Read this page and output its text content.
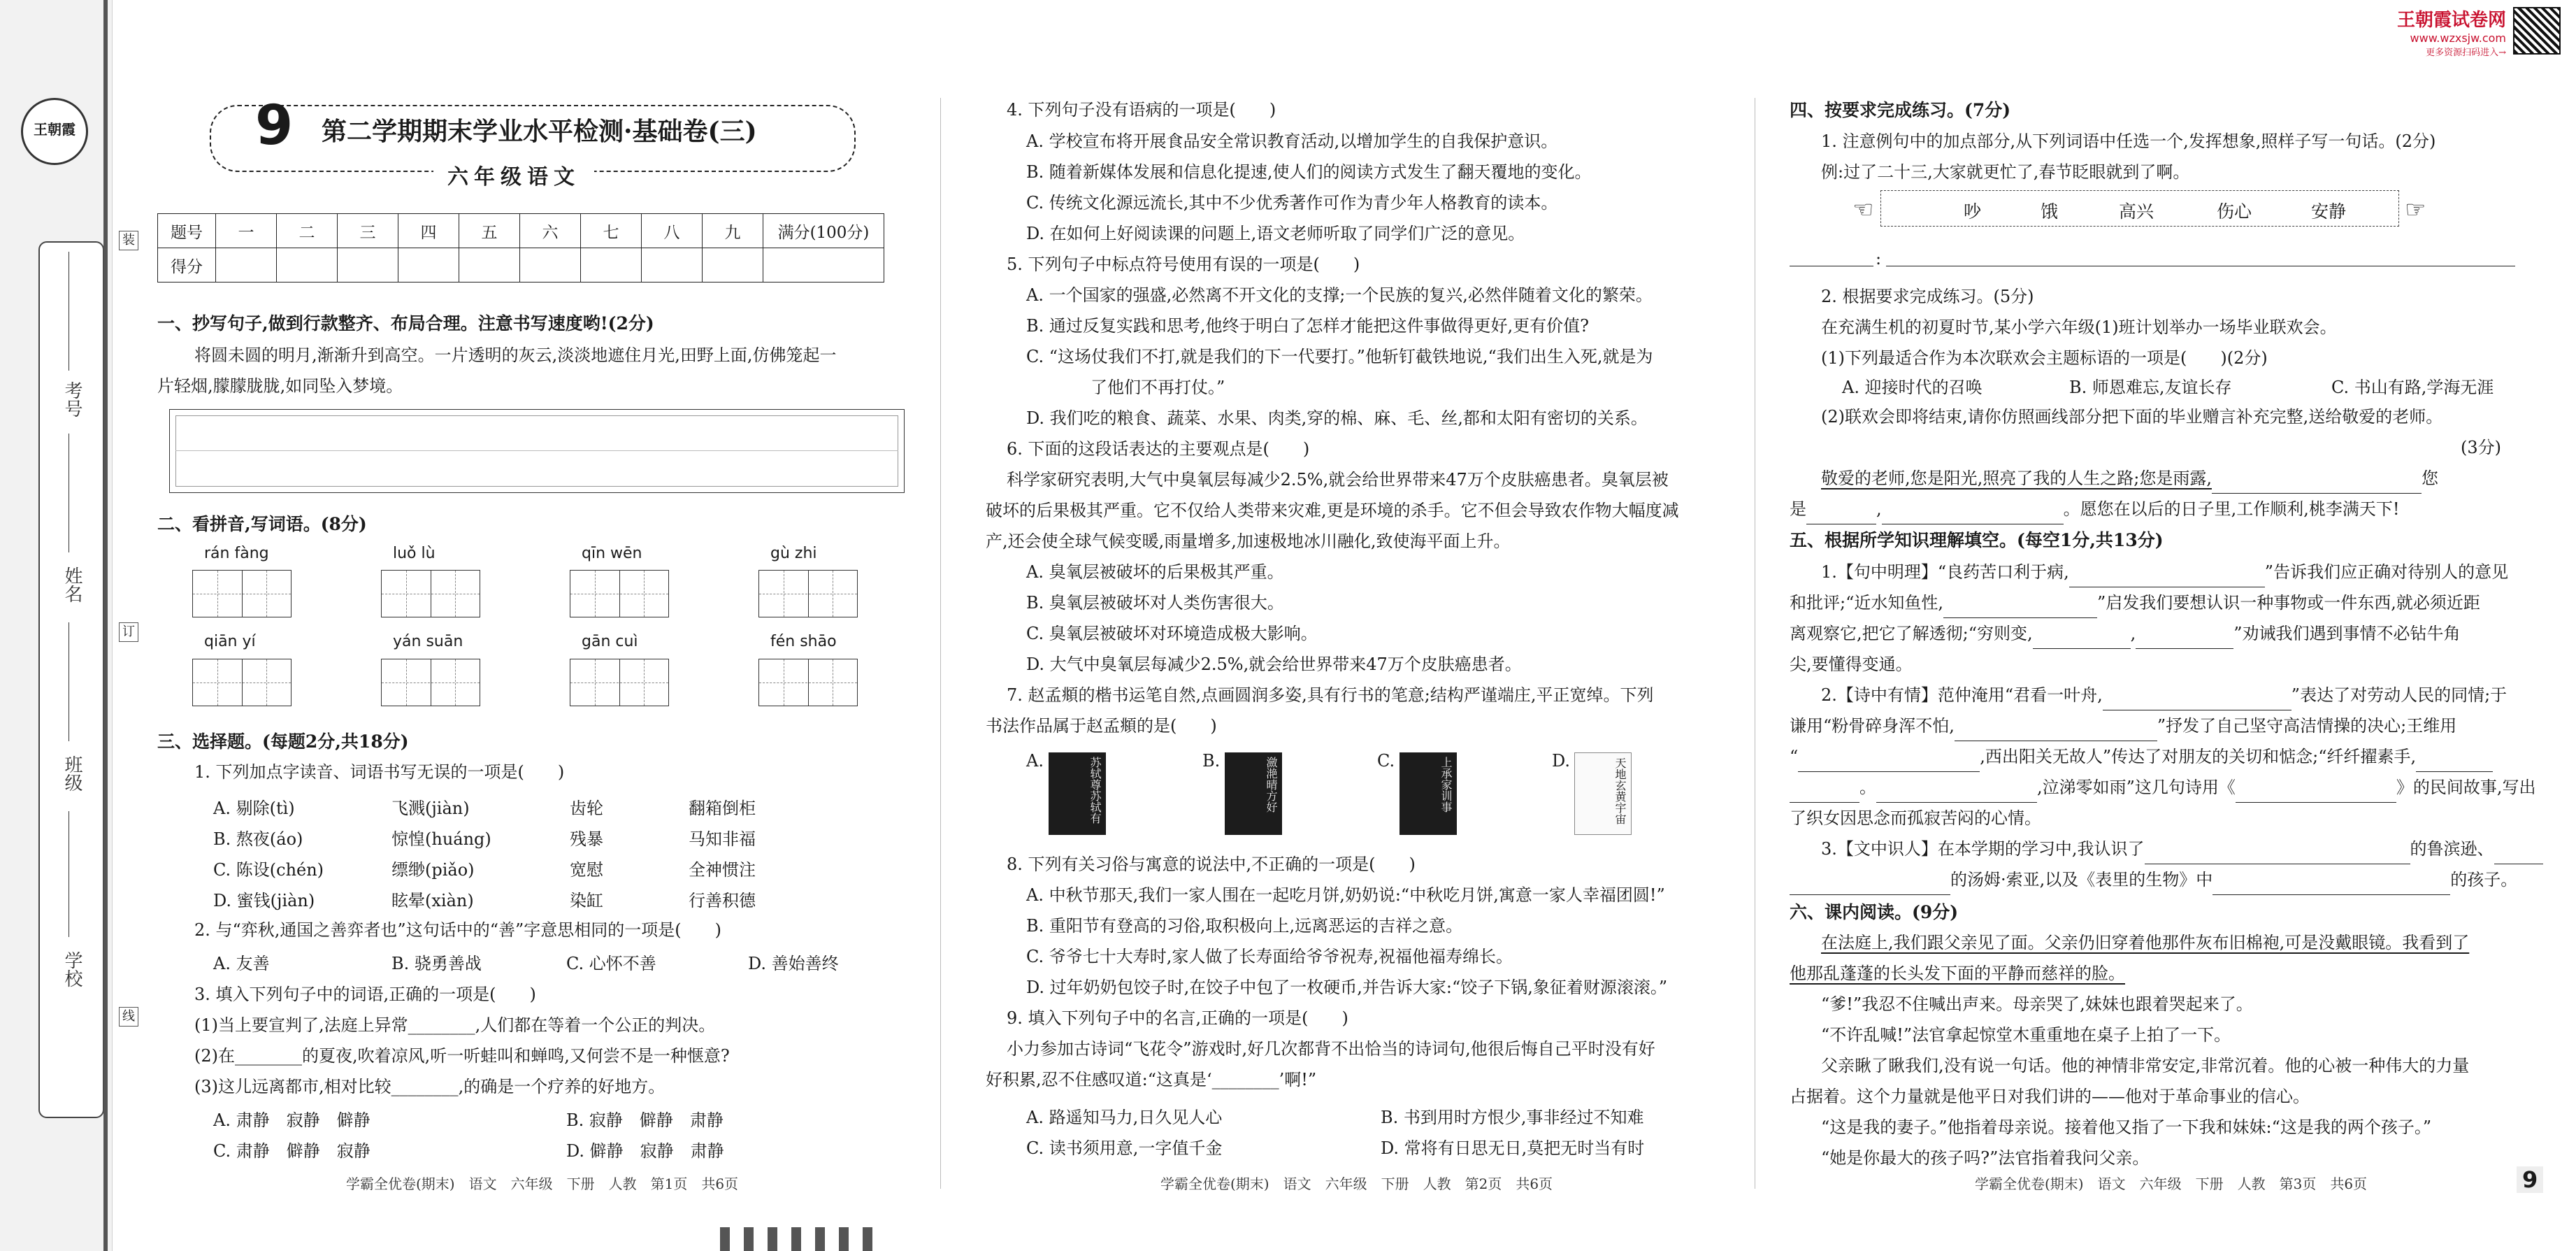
王朝霞
考号
姓名
班级
学校
装
订
线
王朝霞试卷网
www.wzxsjw.com
更多资源扫码进入→
9 第二学期期末学业水平检测·基础卷(三)
六年级语文
题号	一	二	三	四	五	六	七	八	九	满分(100分)
得分										
一、抄写句子,做到行款整齐、布局合理。注意书写速度哟!(2分)
将圆未圆的明月,渐渐升到高空。一片透明的灰云,淡淡地遮住月光,田野上面,仿佛笼起一
片轻烟,朦朦胧胧,如同坠入梦境。
二、看拼音,写词语。(8分)
rán fàng	luǒ lù	qīn wēn	gù zhi
qiān yí	yán suān	gān cuì	fén shāo
三、选择题。(每题2分,共18分)
1. 下列加点字读音、词语书写无误的一项是(　　)
A. 剔除(tì)	飞溅(jiàn)	齿轮	翻箱倒柜
B. 熬夜(áo)	惊惶(huáng)	残暴	马知非福
C. 陈设(chén)	缥缈(piǎo)	宽慰	全神惯注
D. 蜜钱(jiàn)	眩晕(xiàn)	染缸	行善积德
2. 与“弈秋,通国之善弈者也”这句话中的“善”字意思相同的一项是(　　)
A. 友善	B. 骁勇善战	C. 心怀不善	D. 善始善终
3. 填入下列句子中的词语,正确的一项是(　　)
(1)当上要宣判了,法庭上异常________,人们都在等着一个公正的判决。
(2)在________的夏夜,吹着凉风,听一听蛙叫和蝉鸣,又何尝不是一种惬意?
(3)这儿远离都市,相对比较________,的确是一个疗养的好地方。
A. 肃静　寂静　僻静	B. 寂静　僻静　肃静
C. 肃静　僻静　寂静	D. 僻静　寂静　肃静
学霸全优卷(期末)　语文　六年级　下册　人教　第1页　共6页
4. 下列句子没有语病的一项是(　　)
A. 学校宣布将开展食品安全常识教育活动,以增加学生的自我保护意识。
B. 随着新媒体发展和信息化提速,使人们的阅读方式发生了翻天覆地的变化。
C. 传统文化源远流长,其中不少优秀著作可作为青少年人格教育的读本。
D. 在如何上好阅读课的问题上,语文老师听取了同学们广泛的意见。
5. 下列句子中标点符号使用有误的一项是(　　)
A. 一个国家的强盛,必然离不开文化的支撑;一个民族的复兴,必然伴随着文化的繁荣。
B. 通过反复实践和思考,他终于明白了怎样才能把这件事做得更好,更有价值?
C. “这场仗我们不打,就是我们的下一代要打。”他斩钉截铁地说,“我们出生入死,就是为
了他们不再打仗。”
D. 我们吃的粮食、蔬菜、水果、肉类,穿的棉、麻、毛、丝,都和太阳有密切的关系。
6. 下面的这段话表达的主要观点是(　　)
科学家研究表明,大气中臭氧层每减少2.5%,就会给世界带来47万个皮肤癌患者。臭氧层被
破坏的后果极其严重。它不仅给人类带来灾难,更是环境的杀手。它不但会导致农作物大幅度减
产,还会使全球气候变暖,雨量增多,加速极地冰川融化,致使海平面上升。
A. 臭氧层被破坏的后果极其严重。
B. 臭氧层被破坏对人类伤害很大。
C. 臭氧层被破坏对环境造成极大影响。
D. 大气中臭氧层每减少2.5%,就会给世界带来47万个皮肤癌患者。
7. 赵孟頫的楷书运笔自然,点画圆润多姿,具有行书的笔意;结构严谨端庄,平正宽绰。下列
书法作品属于赵孟頫的是(　　)
A.	苏轼尊苏轼有	B.	瀲滟晴方好	C.	上承家训事	D.	天地玄黄宇宙
8. 下列有关习俗与寓意的说法中,不正确的一项是(　　)
A. 中秋节那天,我们一家人围在一起吃月饼,奶奶说:“中秋吃月饼,寓意一家人幸福团圆!”
B. 重阳节有登高的习俗,取积极向上,远离恶运的吉祥之意。
C. 爷爷七十大寿时,家人做了长寿面给爷爷祝寿,祝福他福寿绵长。
D. 过年奶奶包饺子时,在饺子中包了一枚硬币,并告诉大家:“饺子下锅,象征着财源滚滚。”
9. 填入下列句子中的名言,正确的一项是(　　)
小力参加古诗词“飞花令”游戏时,好几次都背不出恰当的诗词句,他很后悔自己平时没有好
好积累,忍不住感叹道:“这真是‘________’啊!”
A. 路遥知马力,日久见人心	B. 书到用时方恨少,事非经过不知难
C. 读书须用意,一字值千金	D. 常将有日思无日,莫把无时当有时
学霸全优卷(期末)　语文　六年级　下册　人教　第2页　共6页
四、按要求完成练习。(7分)
1. 注意例句中的加点部分,从下列词语中任选一个,发挥想象,照样子写一句话。(2分)
例:过了二十三,大家就更忙了,春节眨眼就到了啊。
吵	饿	高兴	伤心	安静
☜	☞
:
2. 根据要求完成练习。(5分)
在充满生机的初夏时节,某小学六年级(1)班计划举办一场毕业联欢会。
(1)下列最适合作为本次联欢会主题标语的一项是(　　)(2分)
A. 迎接时代的召唤	B. 师恩难忘,友谊长存	C. 书山有路,学海无涯
(2)联欢会即将结束,请你仿照画线部分把下面的毕业赠言补充完整,送给敬爱的老师。
(3分)
敬爱的老师,您是阳光,照亮了我的人生之路;您是雨露,	您
是	,	。愿您在以后的日子里,工作顺利,桃李满天下!
五、根据所学知识理解填空。(每空1分,共13分)
1.【句中明理】“良药苦口利于病,	”告诉我们应正确对待别人的意见
和批评;“近水知鱼性,	”启发我们要想认识一种事物或一件东西,就必须近距
离观察它,把它了解透彻;“穷则变,	,	”劝诫我们遇到事情不必钻牛角
尖,要懂得变通。
2.【诗中有情】范仲淹用“君看一叶舟,	”表达了对劳动人民的同情;于
谦用“粉骨碎身浑不怕,	”抒发了自己坚守高洁情操的决心;王维用
“	,西出阳关无故人”传达了对朋友的关切和惦念;“纤纤擢素手,
。	,泣涕零如雨”这几句诗用《	》的民间故事,写出
了织女因思念而孤寂苦闷的心情。
3.【文中识人】在本学期的学习中,我认识了	的鲁滨逊、
的汤姆·索亚,以及《表里的生物》中	的孩子。
六、课内阅读。(9分)
在法庭上,我们跟父亲见了面。父亲仍旧穿着他那件灰布旧棉袍,可是没戴眼镜。我看到了
他那乱蓬蓬的长头发下面的平静而慈祥的脸。
“爹!”我忍不住喊出声来。母亲哭了,妹妹也跟着哭起来了。
“不许乱喊!”法官拿起惊堂木重重地在桌子上拍了一下。
父亲瞅了瞅我们,没有说一句话。他的神情非常安定,非常沉着。他的心被一种伟大的力量
占据着。这个力量就是他平日对我们讲的——他对于革命事业的信心。
“这是我的妻子。”他指着母亲说。接着他又指了一下我和妹妹:“这是我的两个孩子。”
“她是你最大的孩子吗?”法官指着我问父亲。
学霸全优卷(期末)　语文　六年级　下册　人教　第3页　共6页	9
